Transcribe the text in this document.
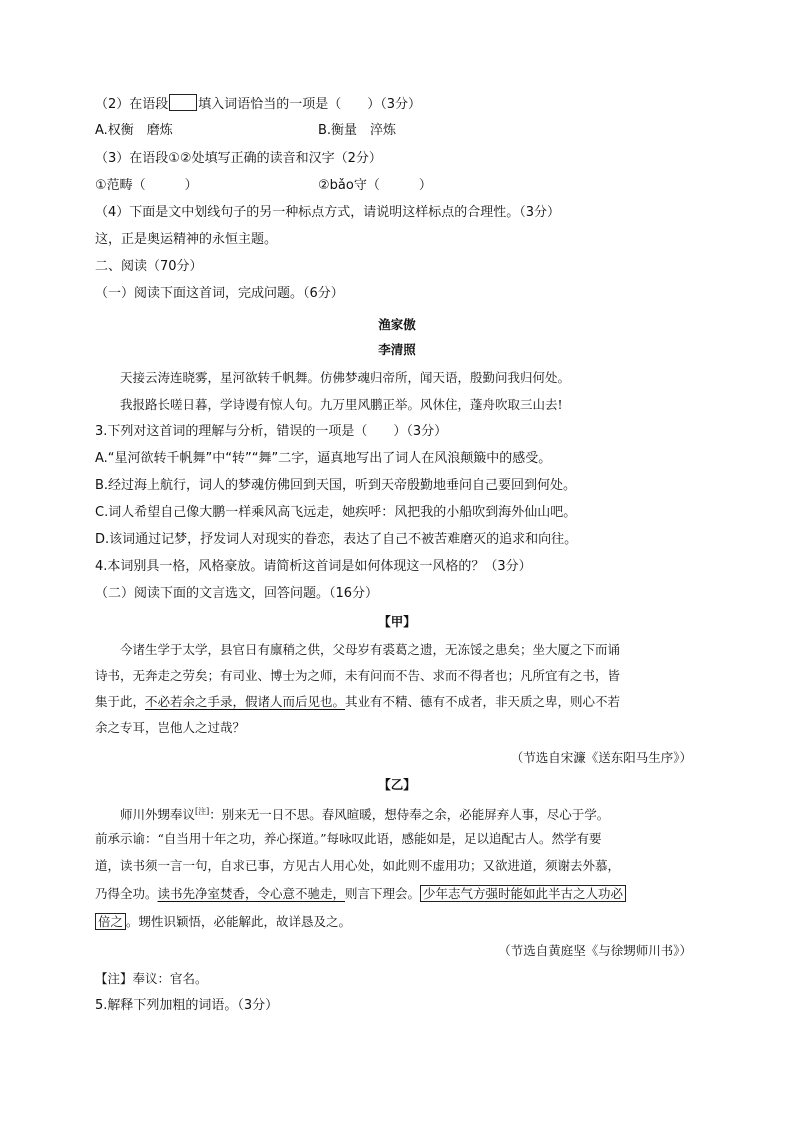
（2）在语段 填入词语恰当的一项是（　　）（3分）
A.权衡　磨炼	B.衡量　淬炼
（3）在语段①②处填写正确的读音和汉字（2分）
①范畴（　　　）	②bǎo守（　　　）
（4）下面是文中划线句子的另一种标点方式，请说明这样标点的合理性。（3分）
这，正是奥运精神的永恒主题。
二、阅读（70分）
（一）阅读下面这首词，完成问题。（6分）
渔家傲
李清照
天接云涛连晓雾，星河欲转千帆舞。仿佛梦魂归帝所，闻天语，殷勤问我归何处。
我报路长嗟日暮，学诗谩有惊人句。九万里风鹏正举。风休住，蓬舟吹取三山去!
3.下列对这首词的理解与分析，错误的一项是（　　）（3分）
A.“星河欲转千帆舞”中“转”“舞”二字，逼真地写出了词人在风浪颠簸中的感受。
B.经过海上航行，词人的梦魂仿佛回到天国，听到天帝殷勤地垂问自己要回到何处。
C.词人希望自己像大鹏一样乘风高飞远走，她疾呼：风把我的小船吹到海外仙山吧。
D.该词通过记梦，抒发词人对现实的眷恋，表达了自己不被苦难磨灭的追求和向往。
4.本词别具一格，风格豪放。请简析这首词是如何体现这一风格的？（3分）
（二）阅读下面的文言选文，回答问题。（16分）
【甲】
今诸生学于太学，县官日有廪稍之供，父母岁有裘葛之遗，无冻馁之患矣；坐大厦之下而诵
诗书，无奔走之劳矣；有司业、博士为之师，未有问而不告、求而不得者也；凡所宜有之书，皆
集于此，不必若余之手录，假诸人而后见也。其业有不精、德有不成者，非天质之卑，则心不若
余之专耳，岂他人之过哉？
（节选自宋濂《送东阳马生序》）
【乙】
师川外甥奉议[注]：别来无一日不思。春风暄暖，想侍奉之余，必能屏弃人事，尽心于学。
前承示谕：“自当用十年之功，养心探道。”每咏叹此语，感能如是，足以追配古人。然学有要
道，读书须一言一句，自求已事，方见古人用心处，如此则不虚用功；又欲进道，须谢去外慕，
乃得全功。读书先净室焚香，令心意不驰走，则言下理会。 少年志气方强时能如此半古之人功必
倍之 。甥性识颖悟，必能解此，故详恳及之。
（节选自黄庭坚《与徐甥师川书》）
【注】奉议：官名。
5.解释下列加粗的词语。（3分）
